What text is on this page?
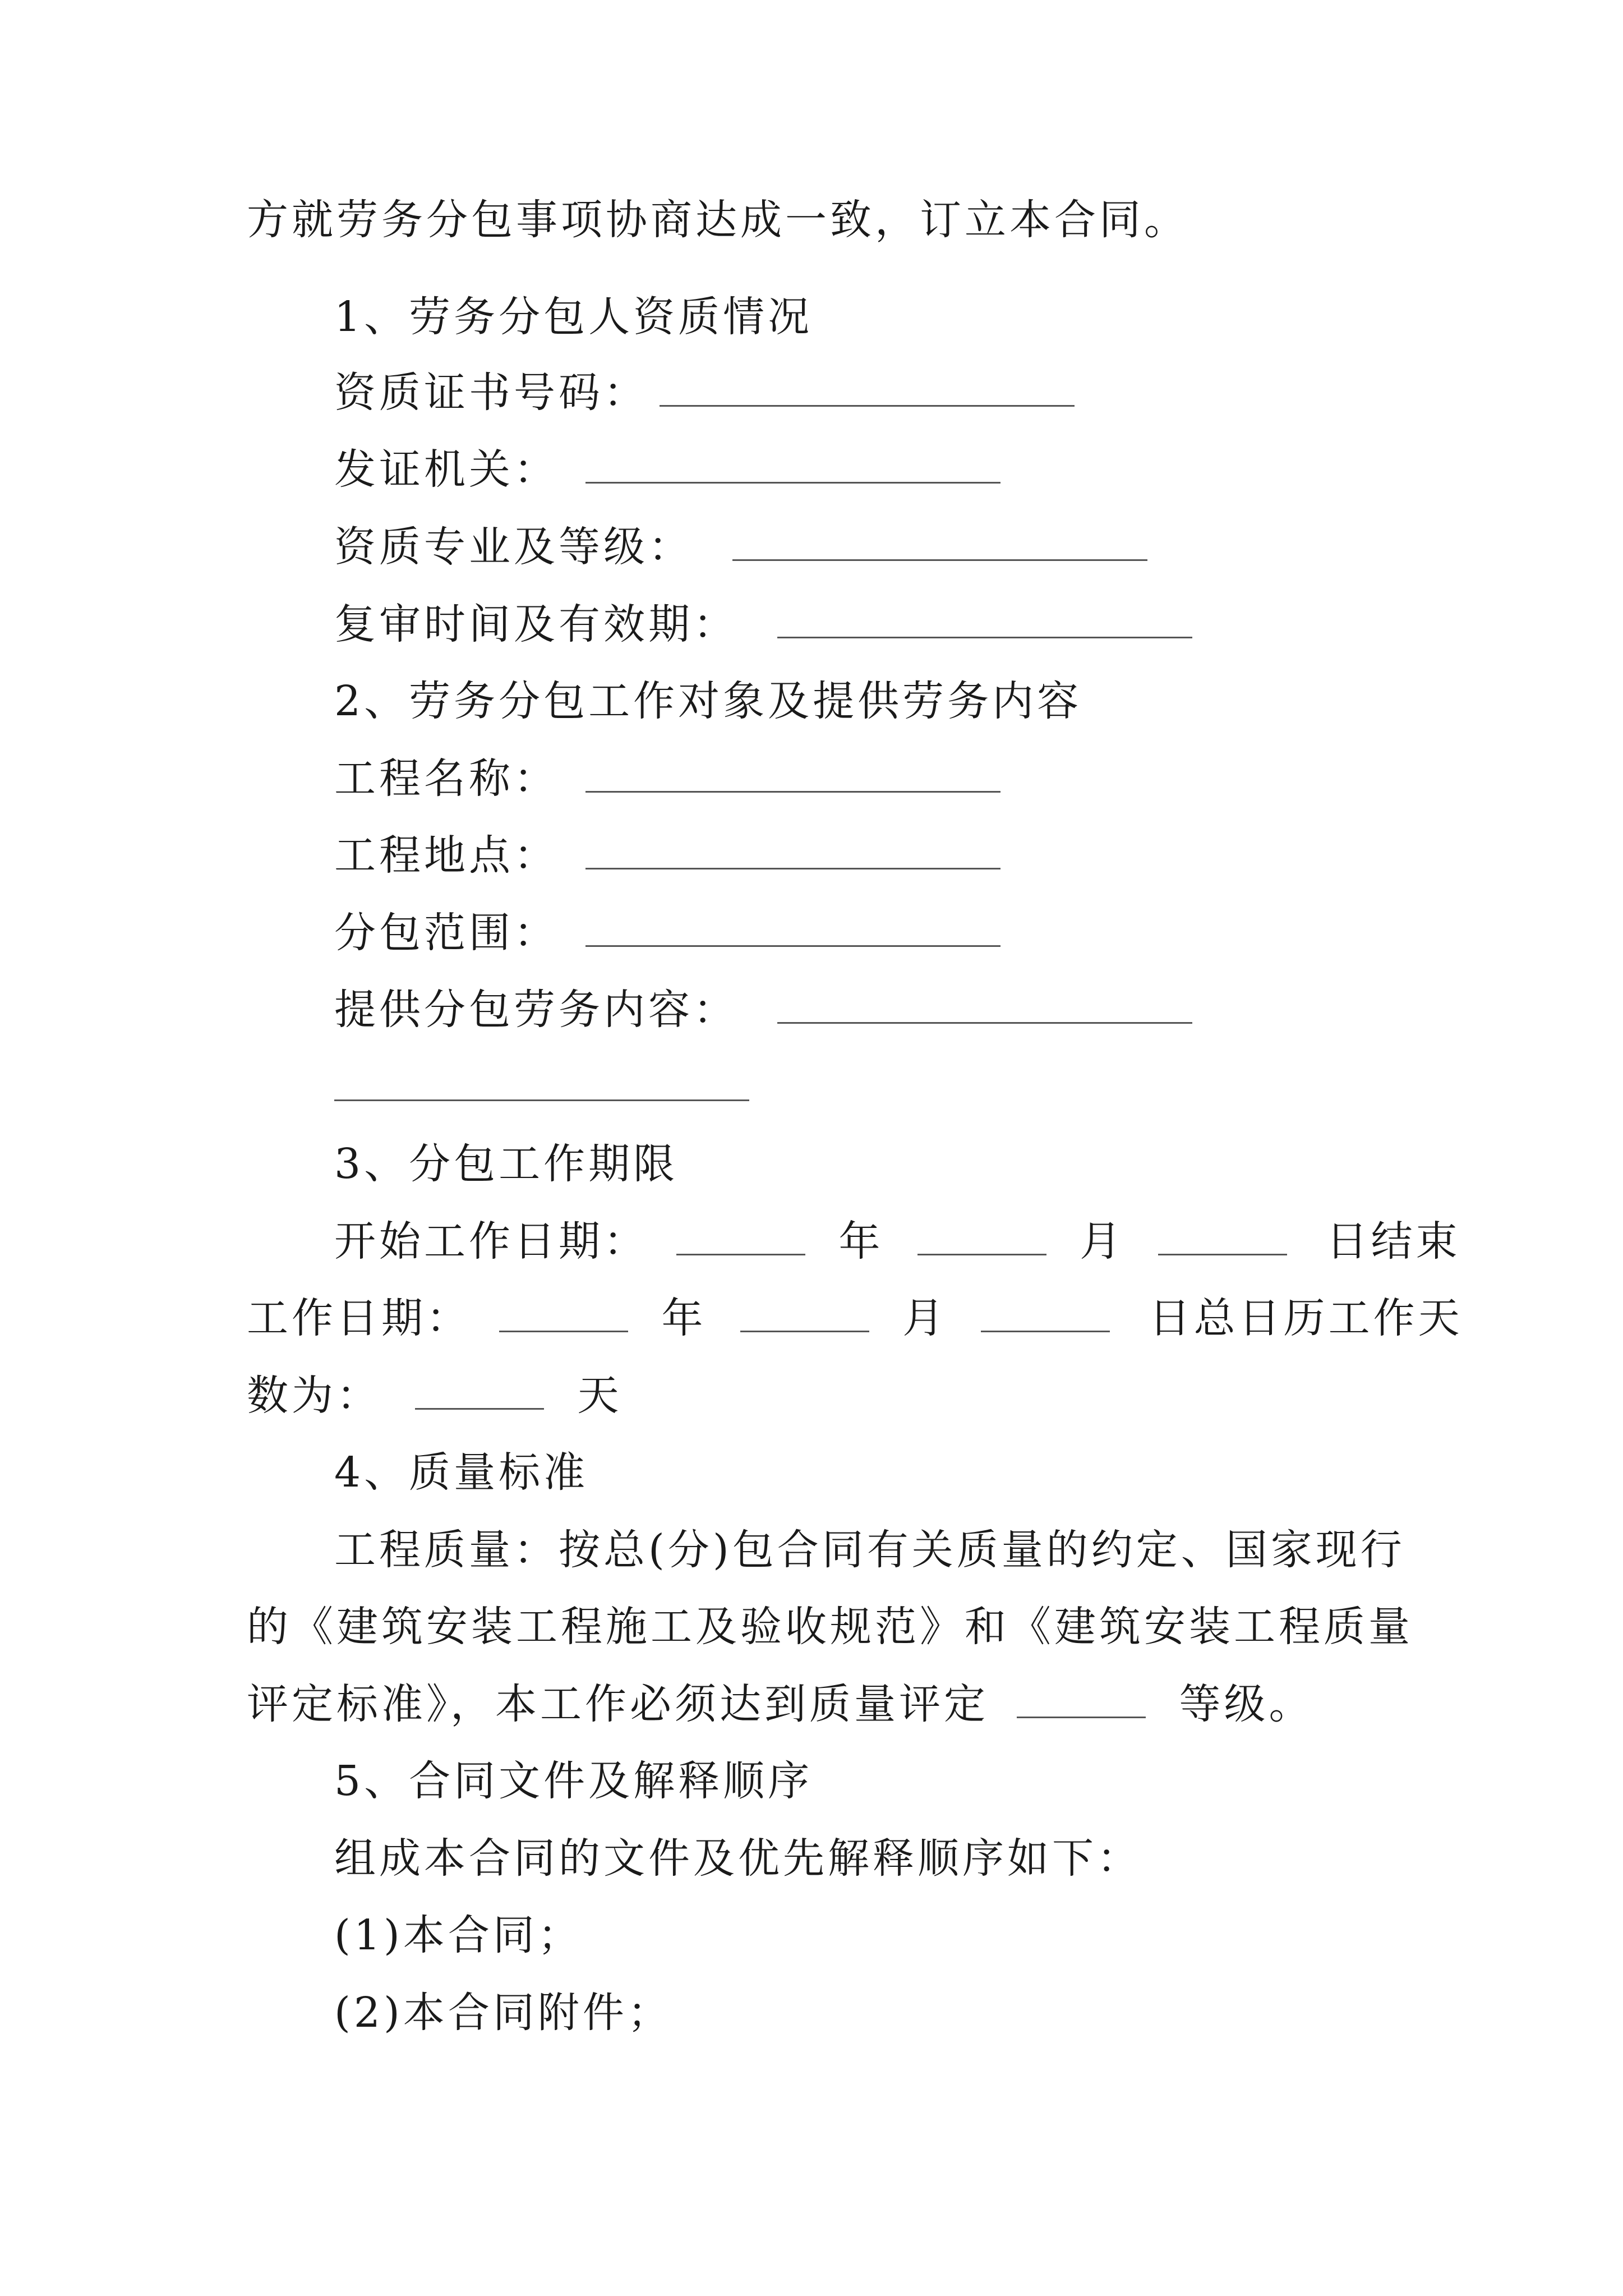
方就劳务分包事项协商达成一致，订立本合同。
1、劳务分包人资质情况
资质证书号码：
发证机关：
资质专业及等级：
复审时间及有效期：
2、劳务分包工作对象及提供劳务内容
工程名称：
工程地点：
分包范围：
提供分包劳务内容：
3、分包工作期限
开始工作日期：	年	月	日结束
工作日期：	年	月	日总日历工作天
数为：	天
4、质量标准
工程质量：按总(分)包合同有关质量的约定、国家现行
的《建筑安装工程施工及验收规范》和《建筑安装工程质量
评定标准》，本工作必须达到质量评定	等级。
5、合同文件及解释顺序
组成本合同的文件及优先解释顺序如下：
(1)本合同；
(2)本合同附件；
